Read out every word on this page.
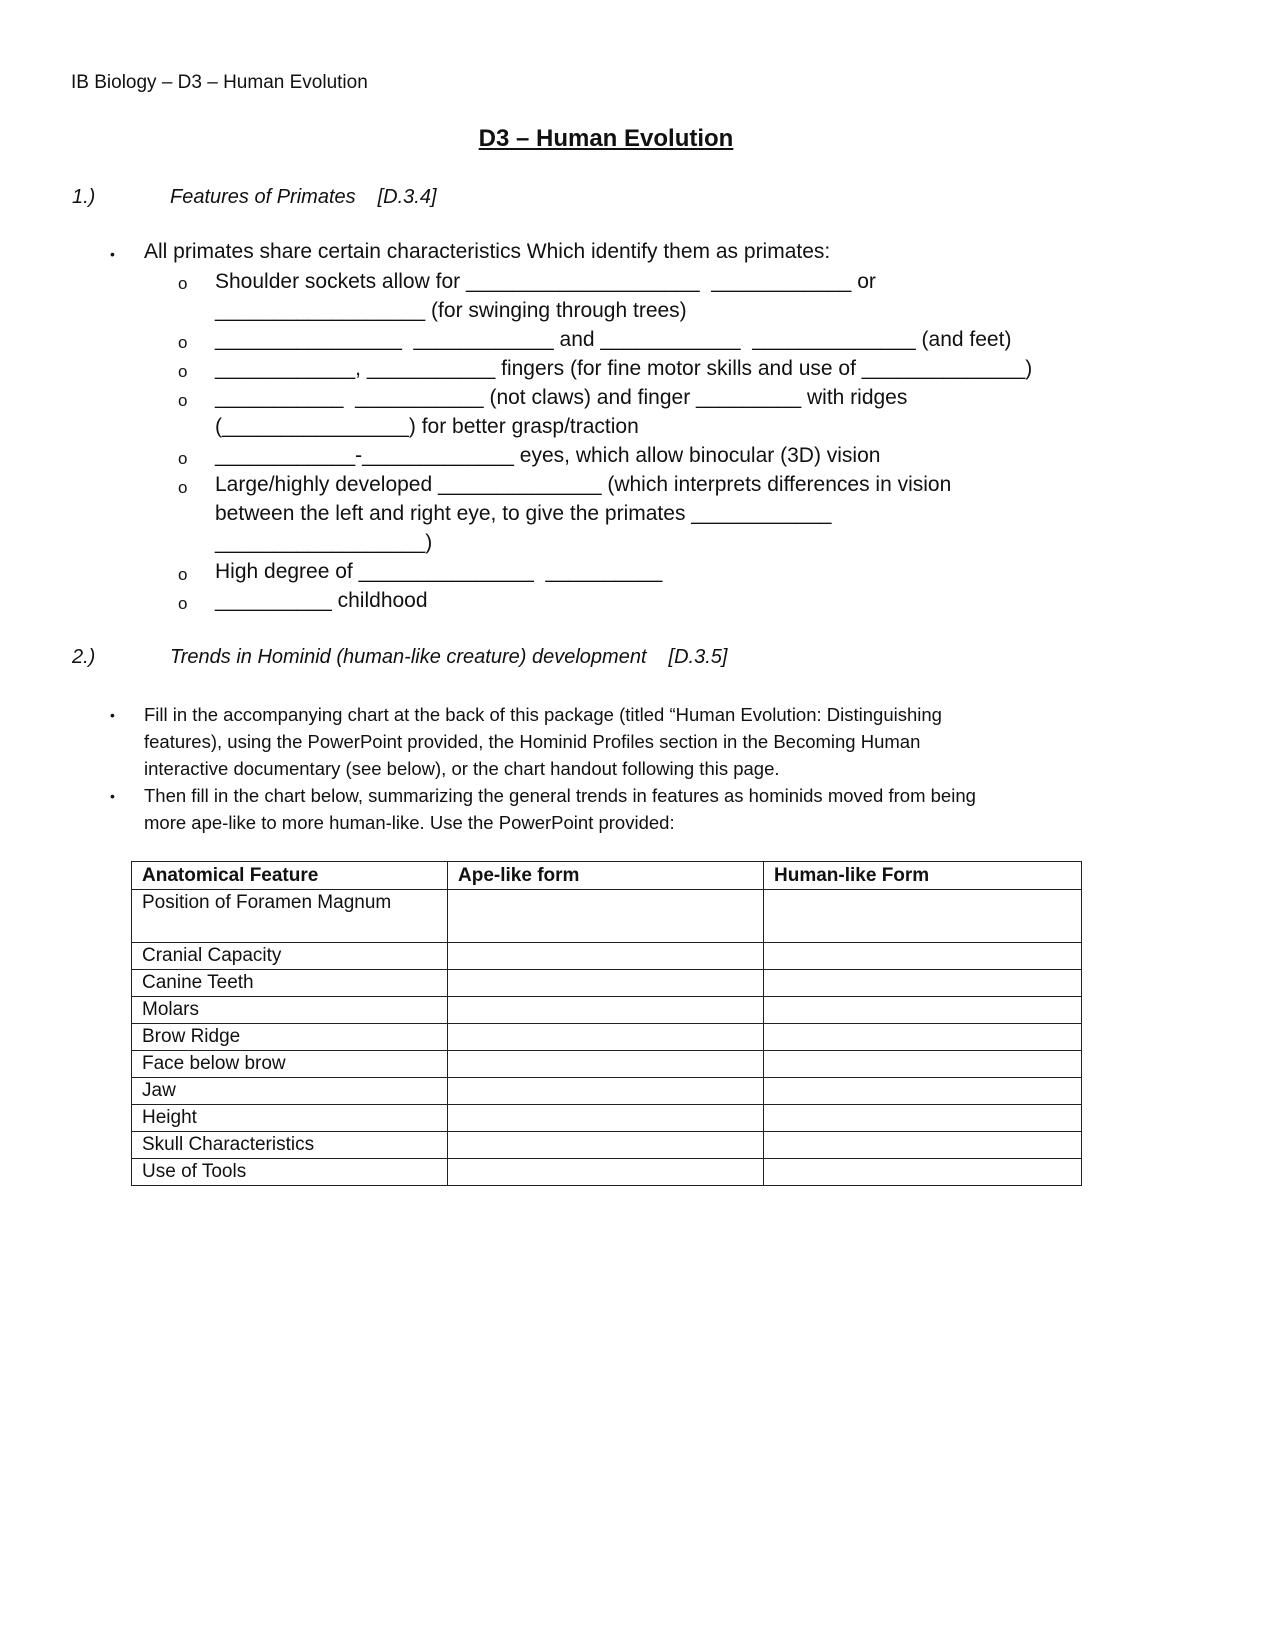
IB Biology – D3 – Human Evolution
D3 – Human Evolution
1.)	Features of Primates [D.3.4]
• All primates share certain characteristics Which identify them as primates:
o Shoulder sockets allow for ____________________  ____________ or
__________________ (for swinging through trees)
o ________________  ____________ and ____________  ______________ (and feet)
o ____________, ___________ fingers (for fine motor skills and use of ______________)
o ___________  ___________ (not claws) and finger _________ with ridges
(________________) for better grasp/traction
o ____________-_____________ eyes, which allow binocular (3D) vision
o Large/highly developed ______________ (which interprets differences in vision
between the left and right eye, to give the primates ____________
__________________)
o High degree of _______________  __________
o __________ childhood
2.)	Trends in Hominid (human-like creature) development [D.3.5]
• Fill in the accompanying chart at the back of this package (titled “Human Evolution: Distinguishing
features), using the PowerPoint provided, the Hominid Profiles section in the Becoming Human
interactive documentary (see below), or the chart handout following this page.
• Then fill in the chart below, summarizing the general trends in features as hominids moved from being
more ape-like to more human-like. Use the PowerPoint provided:
Anatomical Feature	Ape-like form	Human-like Form
Position of Foramen Magnum		
Cranial Capacity		
Canine Teeth		
Molars		
Brow Ridge		
Face below brow		
Jaw		
Height		
Skull Characteristics		
Use of Tools		
